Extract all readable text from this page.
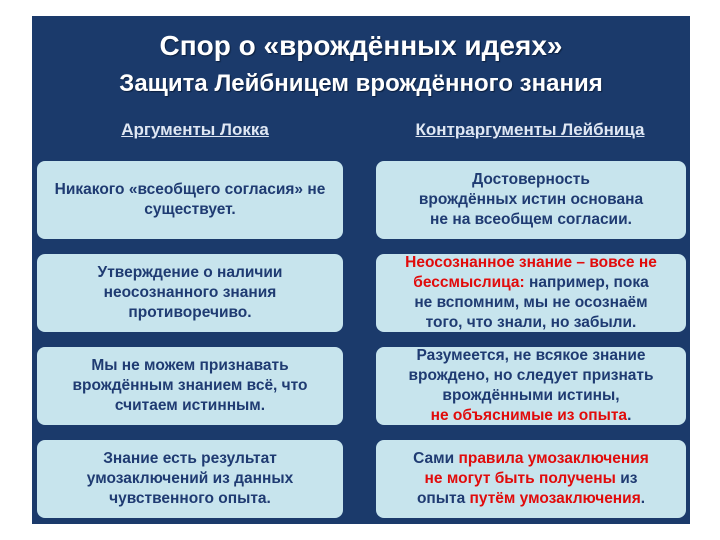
Спор о «врождённых идеях»
Защита Лейбницем врождённого знания
Аргументы Локка	Контраргументы Лейбница

Никакого «всеобщего согласия» не существует.

Достоверность
врождённых истин основана
не на всеобщем согласии.

Утверждение о наличии неосознанного знания противоречиво.

Неосознанное знание – вовсе не
бессмыслица: например, пока
не вспомним, мы не осознаём
того, что знали, но забыли.

Мы не можем признавать врождённым знанием всё, что считаем истинным.

Разумеется, не всякое знание
врождено, но следует признать
врождёнными истины,
не объяснимые из опыта.

Знание есть результат умозаключений из данных чувственного опыта.

Сами правила умозаключения
не могут быть получены из
опыта путём умозаключения.
